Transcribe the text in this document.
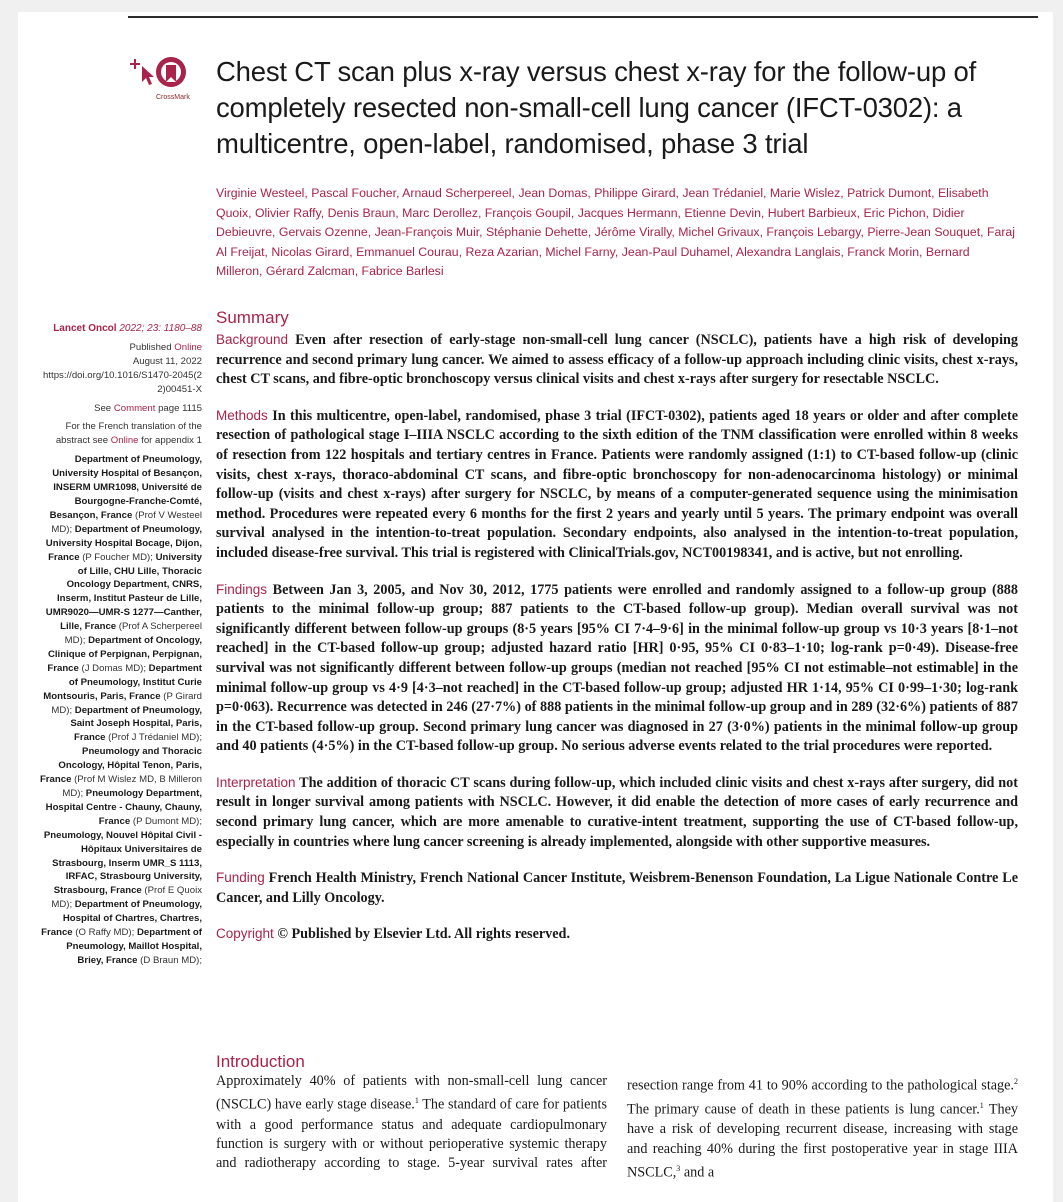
CrossMark
Chest CT scan plus x-ray versus chest x-ray for the follow-up of completely resected non-small-cell lung cancer (IFCT-0302): a multicentre, open-label, randomised, phase 3 trial

Virginie Westeel, Pascal Foucher, Arnaud Scherpereel, Jean Domas, Philippe Girard, Jean Trédaniel, Marie Wislez, Patrick Dumont, Elisabeth Quoix, Olivier Raffy, Denis Braun, Marc Derollez, François Goupil, Jacques Hermann, Etienne Devin, Hubert Barbieux, Eric Pichon, Didier Debieuvre, Gervais Ozenne, Jean-François Muir, Stéphanie Dehette, Jérôme Virally, Michel Grivaux, François Lebargy, Pierre-Jean Souquet, Faraj Al Freijat, Nicolas Girard, Emmanuel Courau, Reza Azarian, Michel Farny, Jean-Paul Duhamel, Alexandra Langlais, Franck Morin, Bernard Milleron, Gérard Zalcman, Fabrice Barlesi

Summary

Background Even after resection of early-stage non-small-cell lung cancer (NSCLC), patients have a high risk of developing recurrence and second primary lung cancer. We aimed to assess efficacy of a follow-up approach including clinic visits, chest x-rays, chest CT scans, and fibre-optic bronchoscopy versus clinical visits and chest x-rays after surgery for resectable NSCLC.

Methods In this multicentre, open-label, randomised, phase 3 trial (IFCT-0302), patients aged 18 years or older and after complete resection of pathological stage I–IIIA NSCLC according to the sixth edition of the TNM classification were enrolled within 8 weeks of resection from 122 hospitals and tertiary centres in France. Patients were randomly assigned (1:1) to CT-based follow-up (clinic visits, chest x-rays, thoraco-abdominal CT scans, and fibre-optic bronchoscopy for non-adenocarcinoma histology) or minimal follow-up (visits and chest x-rays) after surgery for NSCLC, by means of a computer-generated sequence using the minimisation method. Procedures were repeated every 6 months for the first 2 years and yearly until 5 years. The primary endpoint was overall survival analysed in the intention-to-treat population. Secondary endpoints, also analysed in the intention-to-treat population, included disease-free survival. This trial is registered with ClinicalTrials.gov, NCT00198341, and is active, but not enrolling.

Findings Between Jan 3, 2005, and Nov 30, 2012, 1775 patients were enrolled and randomly assigned to a follow-up group (888 patients to the minimal follow-up group; 887 patients to the CT-based follow-up group). Median overall survival was not significantly different between follow-up groups (8·5 years [95% CI 7·4–9·6] in the minimal follow-up group vs 10·3 years [8·1–not reached] in the CT-based follow-up group; adjusted hazard ratio [HR] 0·95, 95% CI 0·83–1·10; log-rank p=0·49). Disease-free survival was not significantly different between follow-up groups (median not reached [95% CI not estimable–not estimable] in the minimal follow-up group vs 4·9 [4·3–not reached] in the CT-based follow-up group; adjusted HR 1·14, 95% CI 0·99–1·30; log-rank p=0·063). Recurrence was detected in 246 (27·7%) of 888 patients in the minimal follow-up group and in 289 (32·6%) patients of 887 in the CT-based follow-up group. Second primary lung cancer was diagnosed in 27 (3·0%) patients in the minimal follow-up group and 40 patients (4·5%) in the CT-based follow-up group. No serious adverse events related to the trial procedures were reported.

Interpretation The addition of thoracic CT scans during follow-up, which included clinic visits and chest x-rays after surgery, did not result in longer survival among patients with NSCLC. However, it did enable the detection of more cases of early recurrence and second primary lung cancer, which are more amenable to curative-intent treatment, supporting the use of CT-based follow-up, especially in countries where lung cancer screening is already implemented, alongside with other supportive measures.

Funding French Health Ministry, French National Cancer Institute, Weisbrem-Benenson Foundation, La Ligue Nationale Contre Le Cancer, and Lilly Oncology.

Copyright © Published by Elsevier Ltd. All rights reserved.

Lancet Oncol 2022; 23: 1180–88
Published Online
August 11, 2022
https://doi.org/10.1016/S1470-2045(22)00451-X
See Comment page 1115
For the French translation of the abstract see Online for appendix 1
Department of Pneumology, University Hospital of Besançon, INSERM UMR1098, Université de Bourgogne-Franche-Comté, Besançon, France (Prof V Westeel MD); Department of Pneumology, University Hospital Bocage, Dijon, France (P Foucher MD); University of Lille, CHU Lille, Thoracic Oncology Department, CNRS, Inserm, Institut Pasteur de Lille, UMR9020—UMR-S 1277—Canther, Lille, France (Prof A Scherpereel MD); Department of Oncology, Clinique of Perpignan, Perpignan, France (J Domas MD); Department of Pneumology, Institut Curie Montsouris, Paris, France (P Girard MD); Department of Pneumology, Saint Joseph Hospital, Paris, France (Prof J Trédaniel MD); Pneumology and Thoracic Oncology, Hôpital Tenon, Paris, France (Prof M Wislez MD, B Milleron MD); Pneumology Department, Hospital Centre - Chauny, Chauny, France (P Dumont MD); Pneumology, Nouvel Hôpital Civil - Hôpitaux Universitaires de Strasbourg, Inserm UMR_S 1113, IRFAC, Strasbourg University, Strasbourg, France (Prof E Quoix MD); Department of Pneumology, Hospital of Chartres, Chartres, France (O Raffy MD); Department of Pneumology, Maillot Hospital, Briey, France (D Braun MD);
Introduction

Approximately 40% of patients with non-small-cell lung cancer (NSCLC) have early stage disease.$^1$ The standard of care for patients with a good performance status and adequate cardiopulmonary function is surgery with or without perioperative systemic therapy and radiotherapy according to stage. 5-year survival rates after resection range from 41 to 90% according to the pathological stage.$^2$ The primary cause of death in these patients is lung cancer.$^1$ They have a risk of developing recurrent disease, increasing with stage and reaching 40% during the first postoperative year in stage IIIA NSCLC,$^3$ and a
